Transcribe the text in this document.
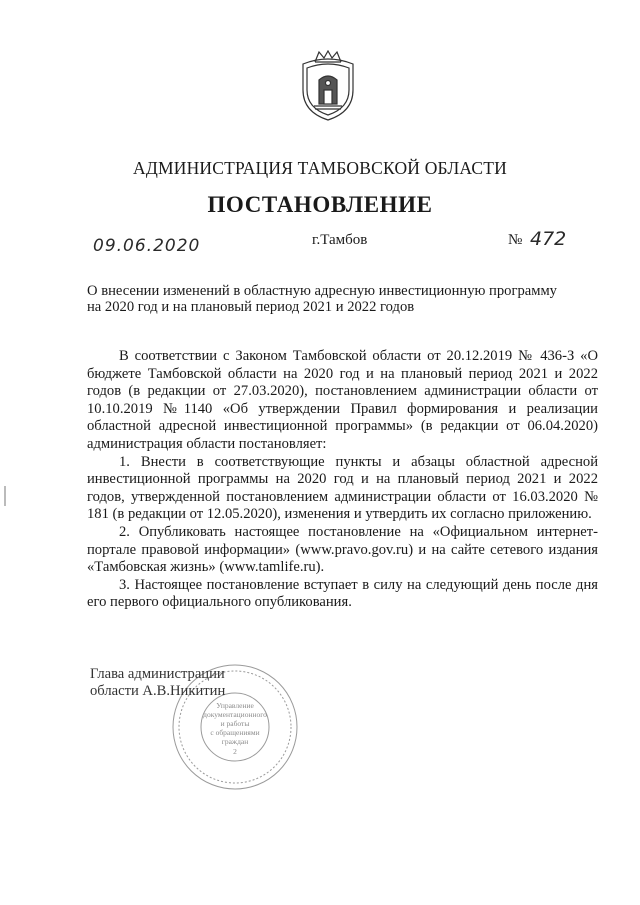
АДМИНИСТРАЦИЯ ТАМБОВСКОЙ ОБЛАСТИ
ПОСТАНОВЛЕНИЕ
09.06.2020	г.Тамбов	№ 472
О внесении изменений в областную адресную инвестиционную программу
на 2020 год и на плановый период 2021 и 2022 годов

В соответствии с Законом Тамбовской области от 20.12.2019 № 436-З «О бюджете Тамбовской области на 2020 год и на плановый период 2021 и 2022 годов (в редакции от 27.03.2020), постановлением администрации области от 10.10.2019 №1140 «Об утверждении Правил формирования и реализации областной адресной инвестиционной программы» (в редакции от 06.04.2020) администрация области постановляет:

1. Внести в соответствующие пункты и абзацы областной адресной инвестиционной программы на 2020 год и на плановый период 2021 и 2022 годов, утвержденной постановлением администрации области от 16.03.2020 № 181 (в редакции от 12.05.2020), изменения и утвердить их согласно приложению.

2. Опубликовать настоящее постановление на «Официальном интернет-портале правовой информации» (www.pravo.gov.ru) и на сайте сетевого издания «Тамбовская жизнь» (www.tamlife.ru).

3. Настоящее постановление вступает в силу на следующий день после дня его первого официального опубликования.

Управление
документационного
и работы
с обращениями
граждан
2
Глава администрации
области А.В.Никитин
